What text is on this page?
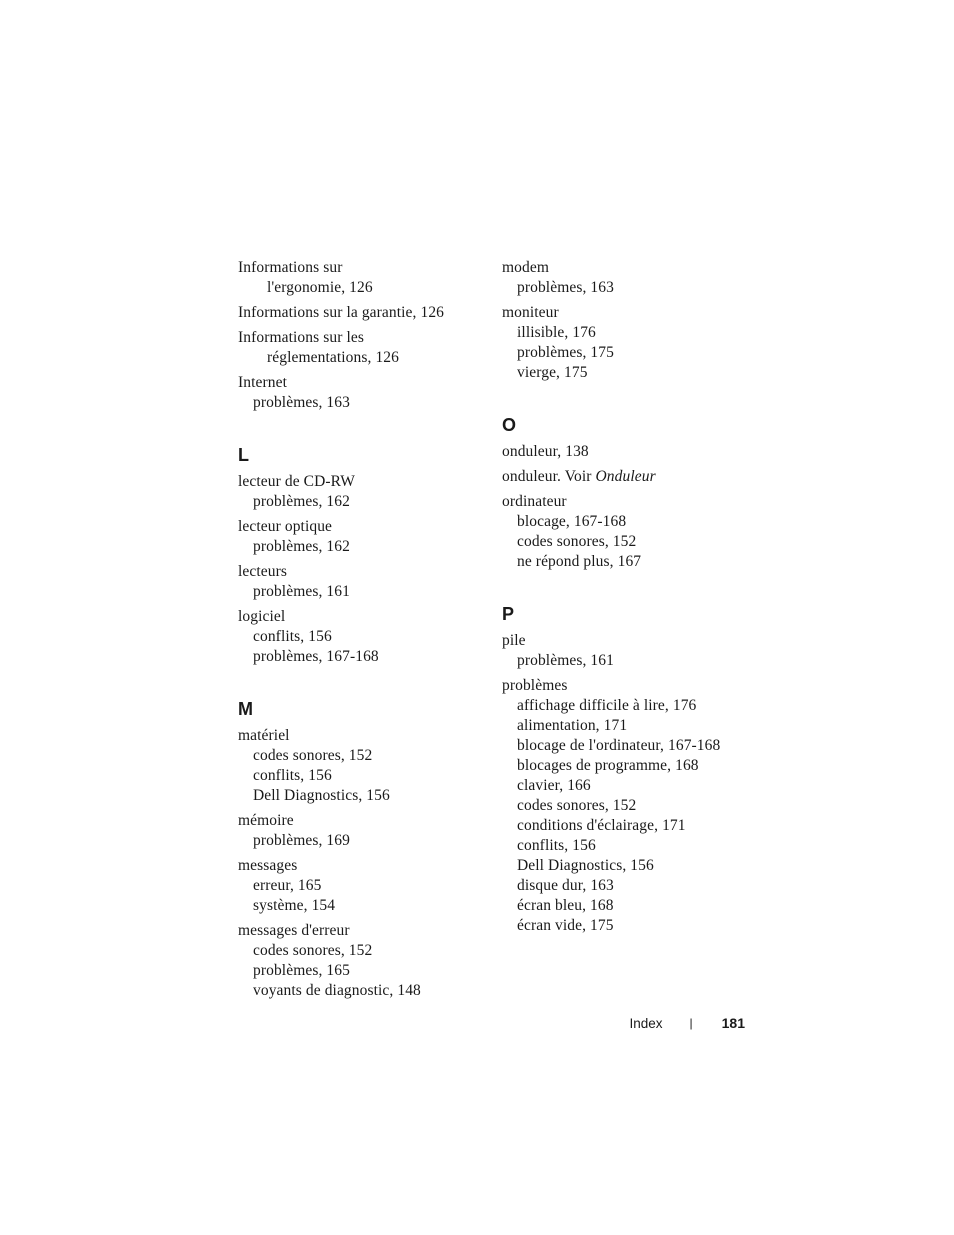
Informations sur
l'ergonomie, 126
Informations sur la garantie, 126
Informations sur les
réglementations, 126
Internet
problèmes, 163
L
lecteur de CD-RW
problèmes, 162
lecteur optique
problèmes, 162
lecteurs
problèmes, 161
logiciel
conflits, 156
problèmes, 167-168
M
matériel
codes sonores, 152
conflits, 156
Dell Diagnostics, 156
mémoire
problèmes, 169
messages
erreur, 165
système, 154
messages d'erreur
codes sonores, 152
problèmes, 165
voyants de diagnostic, 148
modem
problèmes, 163
moniteur
illisible, 176
problèmes, 175
vierge, 175
O
onduleur, 138
onduleur. Voir Onduleur
ordinateur
blocage, 167-168
codes sonores, 152
ne répond plus, 167
P
pile
problèmes, 161
problèmes
affichage difficile à lire, 176
alimentation, 171
blocage de l'ordinateur, 167-168
blocages de programme, 168
clavier, 166
codes sonores, 152
conditions d'éclairage, 171
conflits, 156
Dell Diagnostics, 156
disque dur, 163
écran bleu, 168
écran vide, 175
Index | 181
